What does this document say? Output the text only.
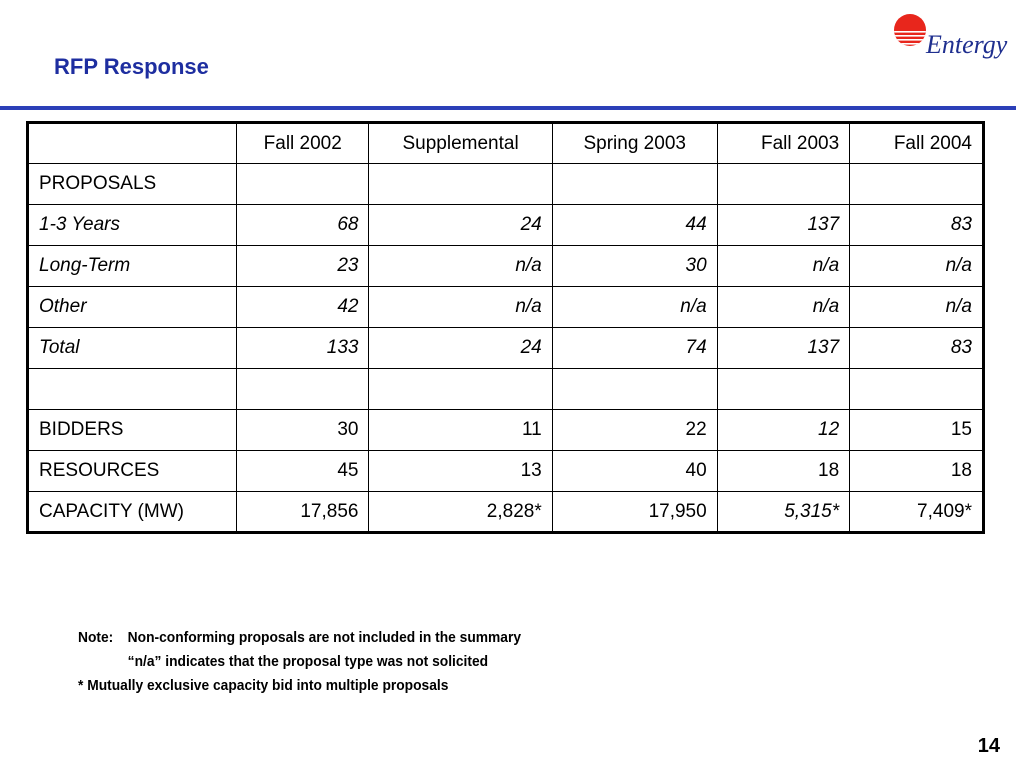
RFP Response
Entergy
	Fall 2002	Supplemental	Spring 2003	Fall 2003	Fall 2004
PROPOSALS					
1-3 Years	68	24	44	137	83
Long-Term	23	n/a	30	n/a	n/a
Other	42	n/a	n/a	n/a	n/a
Total	133	24	74	137	83

BIDDERS	30	11	22	12	15
RESOURCES	45	13	40	18	18
CAPACITY (MW)	17,856	2,828*	17,950	5,315*	7,409*
Note: Non-conforming proposals are not included in the summary
“n/a” indicates that the proposal type was not solicited
* Mutually exclusive capacity bid into multiple proposals
14
